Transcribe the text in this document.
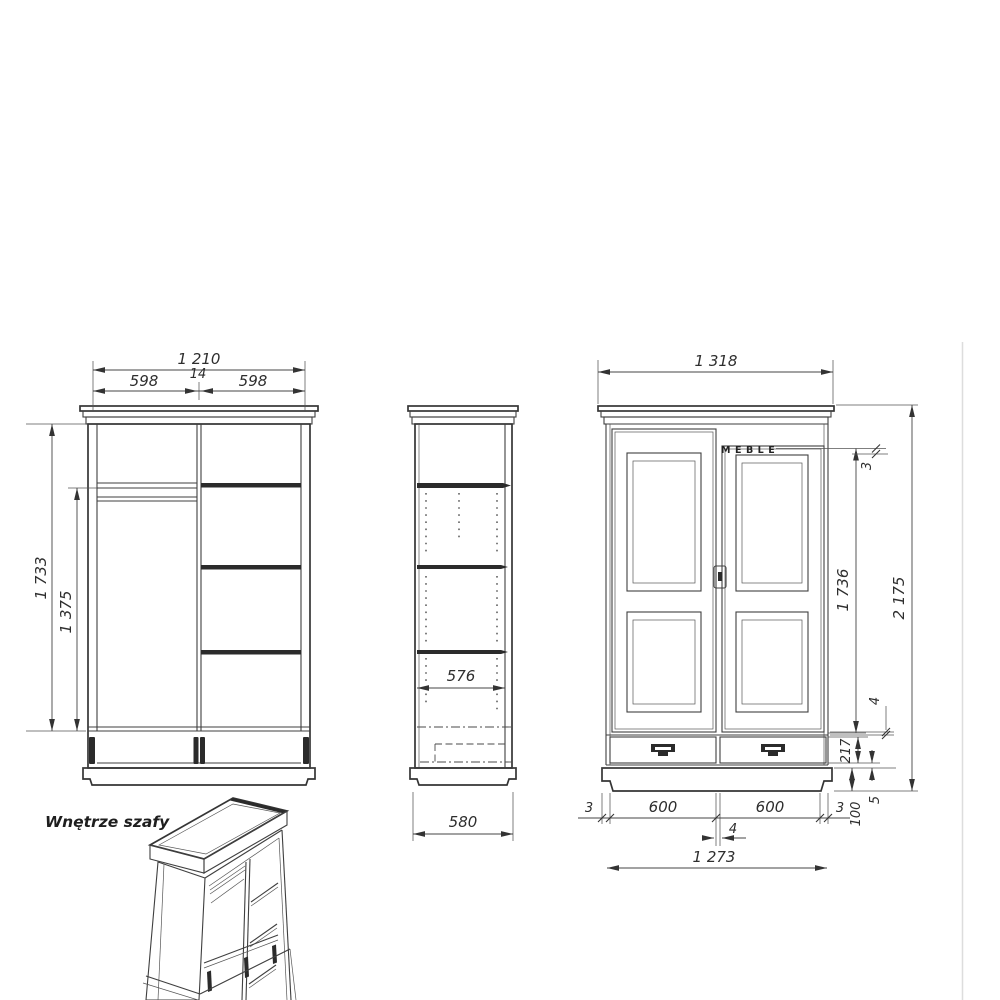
1 210
598 14 598
1 733
1 375
576
580
MEBLE
1 318
2 175
1 736
3
4
217
5
100
3	600	600	3
4
1 273
Wnętrze szafy
